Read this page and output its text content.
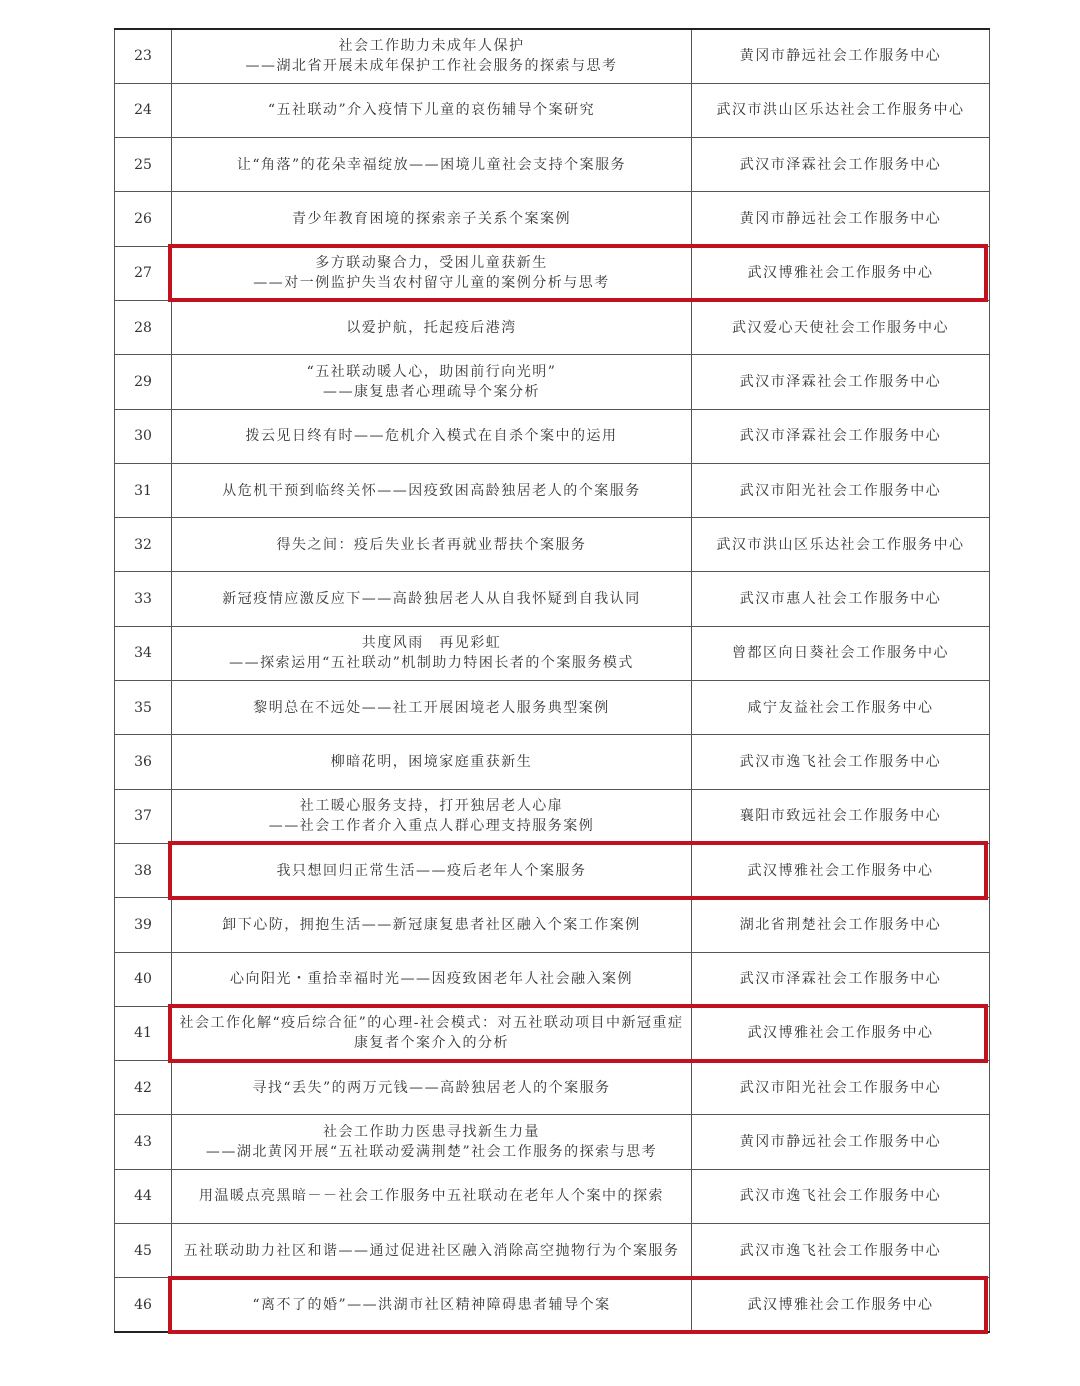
23	社会工作助力未成年人保护
——湖北省开展未成年保护工作社会服务的探索与思考	黄冈市静远社会工作服务中心
24	“五社联动”介入疫情下儿童的哀伤辅导个案研究	武汉市洪山区乐达社会工作服务中心
25	让“角落”的花朵幸福绽放——困境儿童社会支持个案服务	武汉市泽霖社会工作服务中心
26	青少年教育困境的探索亲子关系个案案例	黄冈市静远社会工作服务中心
27	多方联动聚合力，受困儿童获新生
——对一例监护失当农村留守儿童的案例分析与思考	武汉博雅社会工作服务中心
28	以爱护航，托起疫后港湾	武汉爱心天使社会工作服务中心
29	“五社联动暖人心，助困前行向光明”
——康复患者心理疏导个案分析	武汉市泽霖社会工作服务中心
30	拨云见日终有时——危机介入模式在自杀个案中的运用	武汉市泽霖社会工作服务中心
31	从危机干预到临终关怀——因疫致困高龄独居老人的个案服务	武汉市阳光社会工作服务中心
32	得失之间：疫后失业长者再就业帮扶个案服务	武汉市洪山区乐达社会工作服务中心
33	新冠疫情应激反应下——高龄独居老人从自我怀疑到自我认同	武汉市惠人社会工作服务中心
34	共度风雨　再见彩虹
——探索运用“五社联动”机制助力特困长者的个案服务模式	曾都区向日葵社会工作服务中心
35	黎明总在不远处——社工开展困境老人服务典型案例	咸宁友益社会工作服务中心
36	柳暗花明，困境家庭重获新生	武汉市逸飞社会工作服务中心
37	社工暖心服务支持，打开独居老人心扉
——社会工作者介入重点人群心理支持服务案例	襄阳市致远社会工作服务中心
38	我只想回归正常生活——疫后老年人个案服务	武汉博雅社会工作服务中心
39	卸下心防，拥抱生活——新冠康复患者社区融入个案工作案例	湖北省荆楚社会工作服务中心
40	心向阳光・重拾幸福时光——因疫致困老年人社会融入案例	武汉市泽霖社会工作服务中心
41	社会工作化解“疫后综合征”的心理-社会模式：对五社联动项目中新冠重症康复者个案介入的分析	武汉博雅社会工作服务中心
42	寻找“丢失”的两万元钱——高龄独居老人的个案服务	武汉市阳光社会工作服务中心
43	社会工作助力医患寻找新生力量
——湖北黄冈开展“五社联动爱满荆楚”社会工作服务的探索与思考	黄冈市静远社会工作服务中心
44	用温暖点亮黑暗－－社会工作服务中五社联动在老年人个案中的探索	武汉市逸飞社会工作服务中心
45	五社联动助力社区和谐——通过促进社区融入消除高空抛物行为个案服务	武汉市逸飞社会工作服务中心
46	“离不了的婚”——洪湖市社区精神障碍患者辅导个案	武汉博雅社会工作服务中心
